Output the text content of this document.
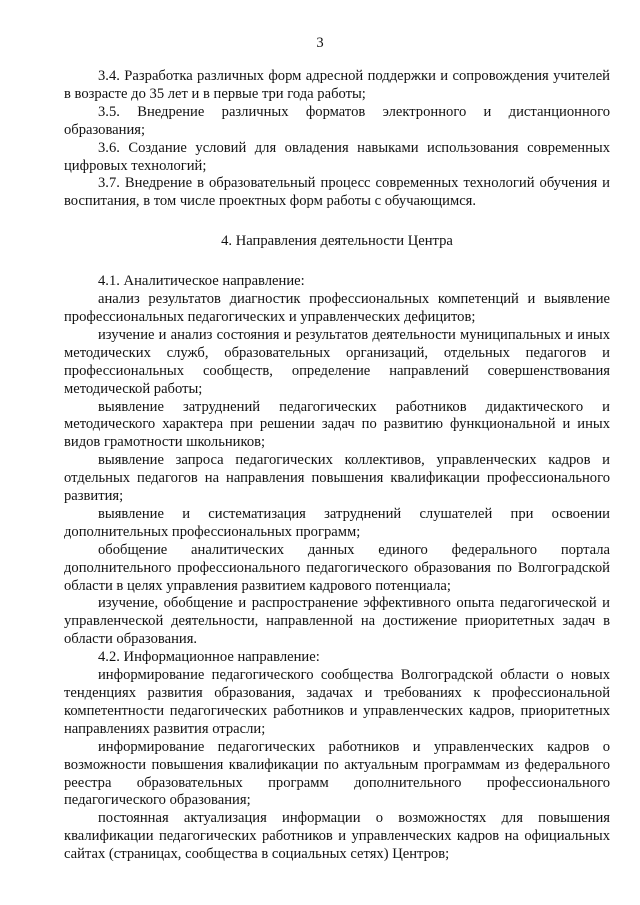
3

3.4. Разработка различных форм адресной поддержки и сопровождения учителей в возрасте до 35 лет и в первые три года работы;

3.5. Внедрение различных форматов электронного и дистанционного образования;

3.6. Создание условий для овладения навыками использования современных цифровых технологий;

3.7. Внедрение в образовательный процесс современных технологий обучения и воспитания, в том числе проектных форм работы с обучающимся.

4. Направления деятельности Центра

4.1. Аналитическое направление:

анализ результатов диагностик профессиональных компетенций и выявление профессиональных педагогических и управленческих дефицитов;

изучение и анализ состояния и результатов деятельности муниципальных и иных методических служб, образовательных организаций, отдельных педагогов и профессиональных сообществ, определение направлений совершенствования методической работы;

выявление затруднений педагогических работников дидактического и методического характера при решении задач по развитию функциональной и иных видов грамотности школьников;

выявление запроса педагогических коллективов, управленческих кадров и отдельных педагогов на направления повышения квалификации профессионального развития;

выявление и систематизация затруднений слушателей при освоении дополнительных профессиональных программ;

обобщение аналитических данных единого федерального портала дополнительного профессионального педагогического образования по Волгоградской области в целях управления развитием кадрового потенциала;

изучение, обобщение и распространение эффективного опыта педагогической и управленческой деятельности, направленной на достижение приоритетных задач в области образования.

4.2. Информационное направление:

информирование педагогического сообщества Волгоградской области о новых тенденциях развития образования, задачах и требованиях к профессиональной компетентности педагогических работников и управленческих кадров, приоритетных направлениях развития отрасли;

информирование педагогических работников и управленческих кадров о возможности повышения квалификации по актуальным программам из федерального реестра образовательных программ дополнительного профессионального педагогического образования;

постоянная актуализация информации о возможностях для повышения квалификации педагогических работников и управленческих кадров на официальных сайтах (страницах, сообщества в социальных сетях) Центров;
